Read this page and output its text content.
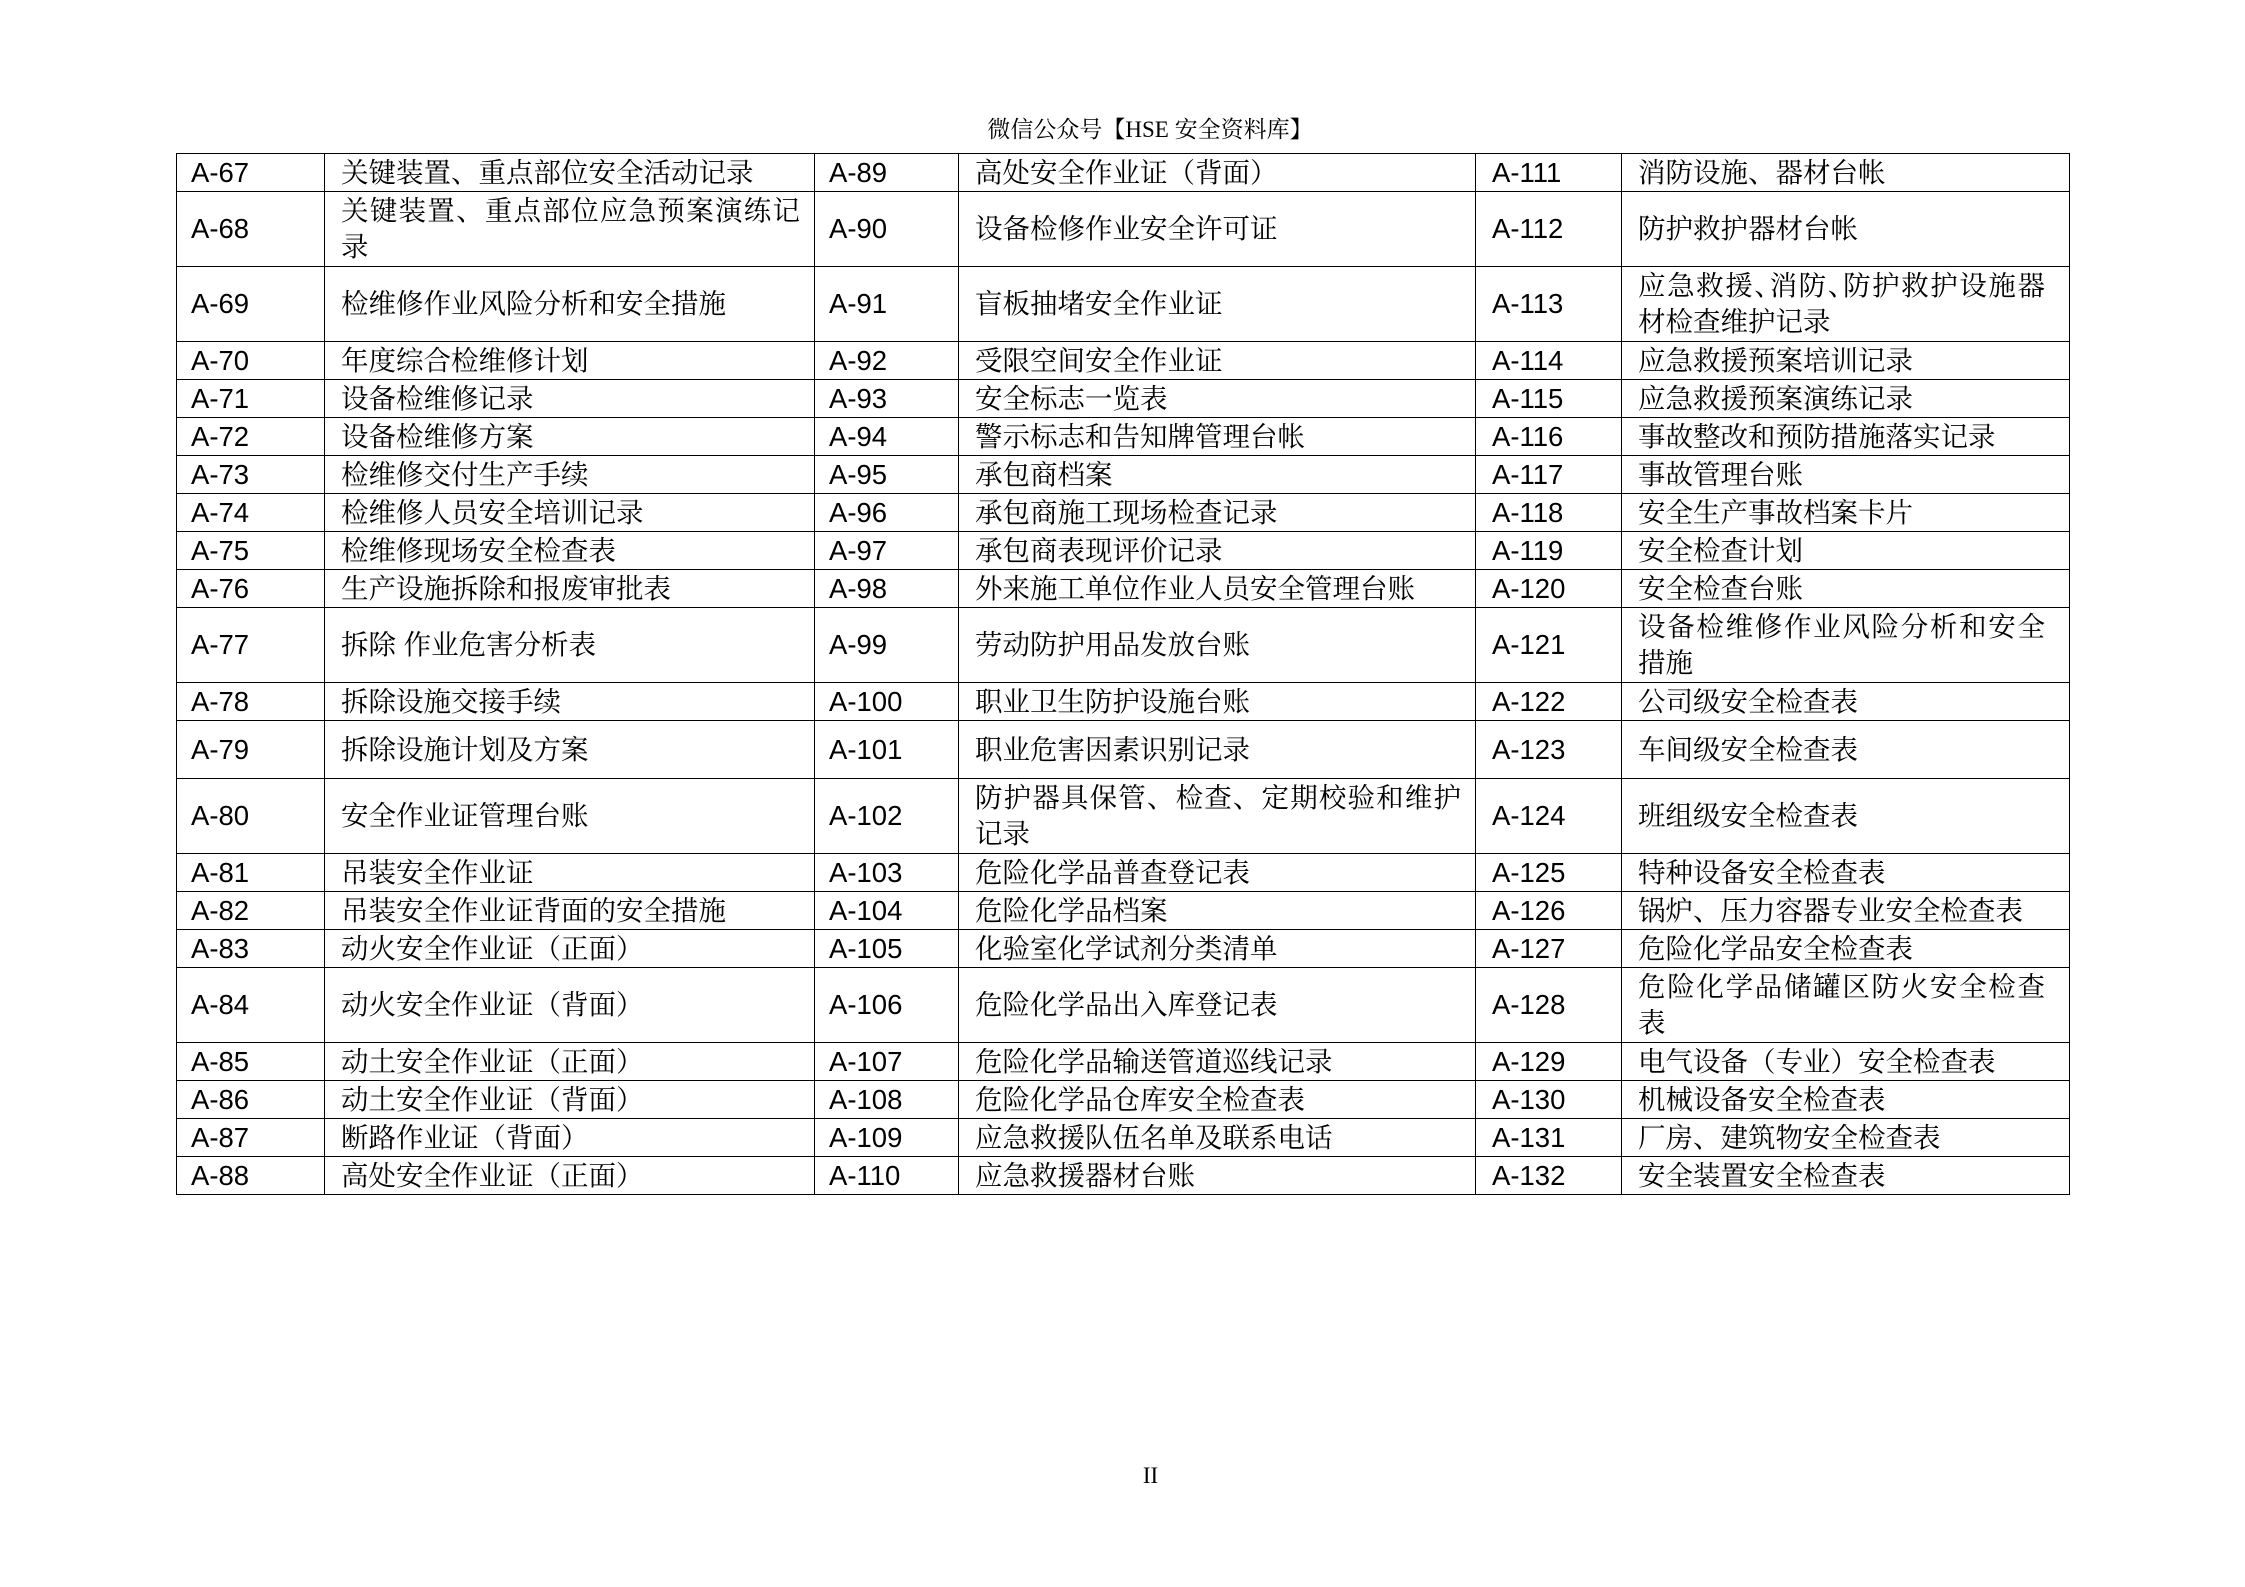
微信公众号【HSE 安全资料库】
A-67	关键装置、重点部位安全活动记录	A-89	高处安全作业证（背面）	A-111	消防设施、器材台帐
A-68	关键装置、重点部位应急预案演练记录	A-90	设备检修作业安全许可证	A-112	防护救护器材台帐
A-69	检维修作业风险分析和安全措施	A-91	盲板抽堵安全作业证	A-113	应急救援、消防、防护救护设施器材检查维护记录
A-70	年度综合检维修计划	A-92	受限空间安全作业证	A-114	应急救援预案培训记录
A-71	设备检维修记录	A-93	安全标志一览表	A-115	应急救援预案演练记录
A-72	设备检维修方案	A-94	警示标志和告知牌管理台帐	A-116	事故整改和预防措施落实记录
A-73	检维修交付生产手续	A-95	承包商档案	A-117	事故管理台账
A-74	检维修人员安全培训记录	A-96	承包商施工现场检查记录	A-118	安全生产事故档案卡片
A-75	检维修现场安全检查表	A-97	承包商表现评价记录	A-119	安全检查计划
A-76	生产设施拆除和报废审批表	A-98	外来施工单位作业人员安全管理台账	A-120	安全检查台账
A-77	拆除 作业危害分析表	A-99	劳动防护用品发放台账	A-121	设备检维修作业风险分析和安全措施
A-78	拆除设施交接手续	A-100	职业卫生防护设施台账	A-122	公司级安全检查表
A-79	拆除设施计划及方案	A-101	职业危害因素识别记录	A-123	车间级安全检查表
A-80	安全作业证管理台账	A-102	防护器具保管、检查、定期校验和维护记录	A-124	班组级安全检查表
A-81	吊装安全作业证	A-103	危险化学品普查登记表	A-125	特种设备安全检查表
A-82	吊装安全作业证背面的安全措施	A-104	危险化学品档案	A-126	锅炉、压力容器专业安全检查表
A-83	动火安全作业证（正面）	A-105	化验室化学试剂分类清单	A-127	危险化学品安全检查表
A-84	动火安全作业证（背面）	A-106	危险化学品出入库登记表	A-128	危险化学品储罐区防火安全检查表
A-85	动土安全作业证（正面）	A-107	危险化学品输送管道巡线记录	A-129	电气设备（专业）安全检查表
A-86	动土安全作业证（背面）	A-108	危险化学品仓库安全检查表	A-130	机械设备安全检查表
A-87	断路作业证（背面）	A-109	应急救援队伍名单及联系电话	A-131	厂房、建筑物安全检查表
A-88	高处安全作业证（正面）	A-110	应急救援器材台账	A-132	安全装置安全检查表
II
